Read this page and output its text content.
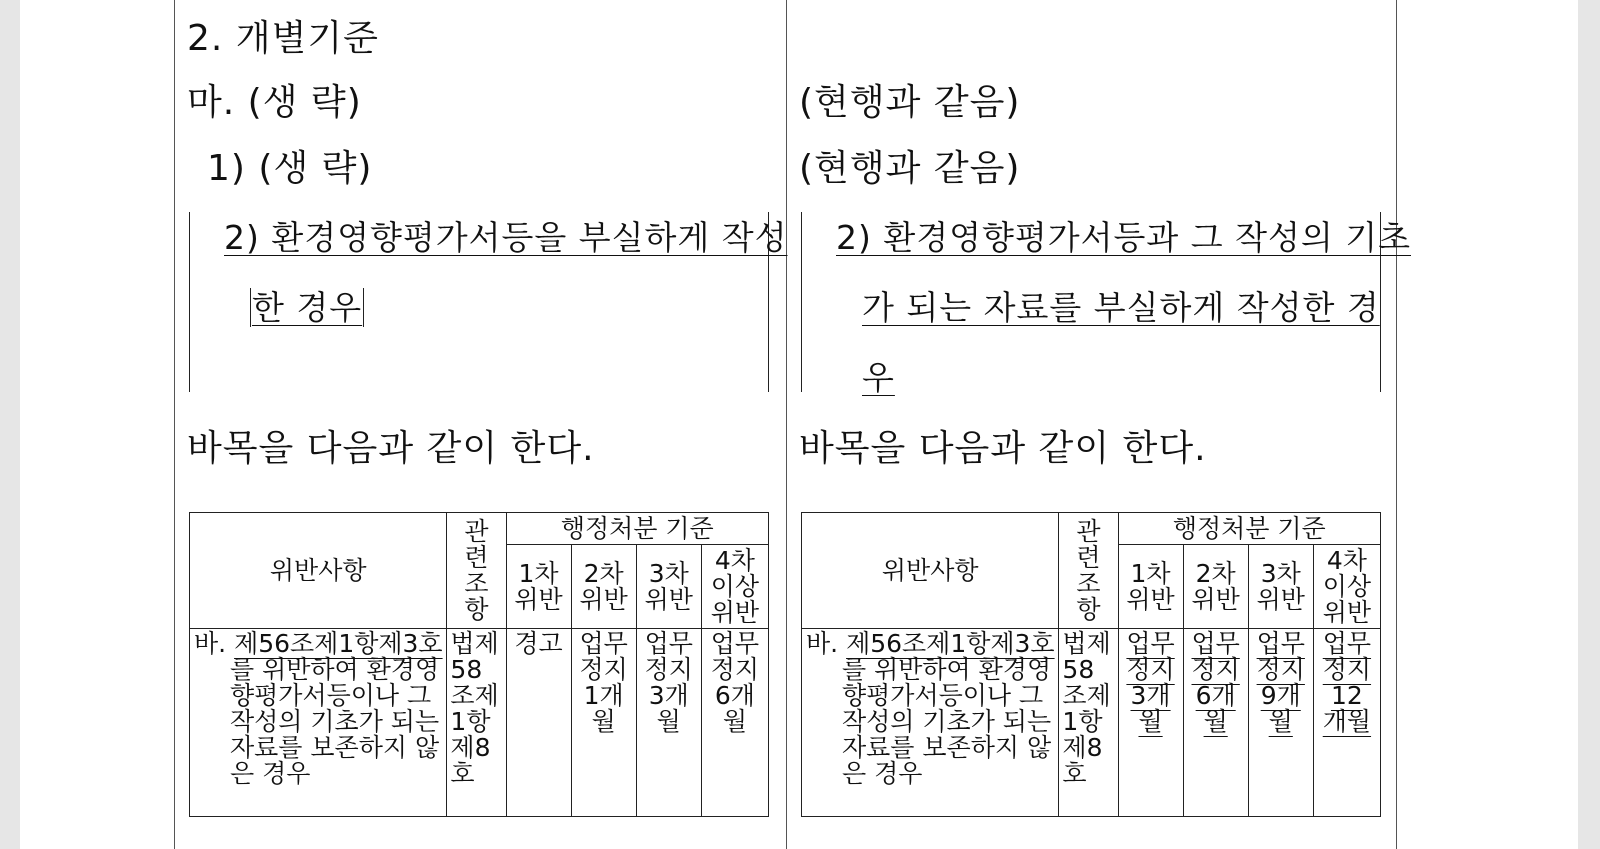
2. 개별기준
마. (생 략)
1) (생 략)
2) 환경영향평가서등을 부실하게 작성
한 경우
바목을 다음과 같이 한다.
위반사항	관련조항	행정처분 기준			

		1차위반	2차위반	3차위반	4차이상위반

바. 제56조제1항제3호를 위반하여 환경영향평가서등이나 그 작성의 기초가 되는 자료를 보존하지 않은 경우	법제58조제1항제8호	경고	업무정지1개월	업무정지3개월	업무정지6개월
(현행과 같음)
(현행과 같음)
2) 환경영향평가서등과 그 작성의 기초
가 되는 자료를 부실하게 작성한 경
우
바목을 다음과 같이 한다.
위반사항	관련조항	행정처분 기준			

		1차위반	2차위반	3차위반	4차이상위반

바. 제56조제1항제3호를 위반하여 환경영향평가서등이나 그 작성의 기초가 되는 자료를 보존하지 않은 경우	법제58조제1항제8호	업무정지3개월	업무정지6개월	업무정지9개월	업무정지12개월
